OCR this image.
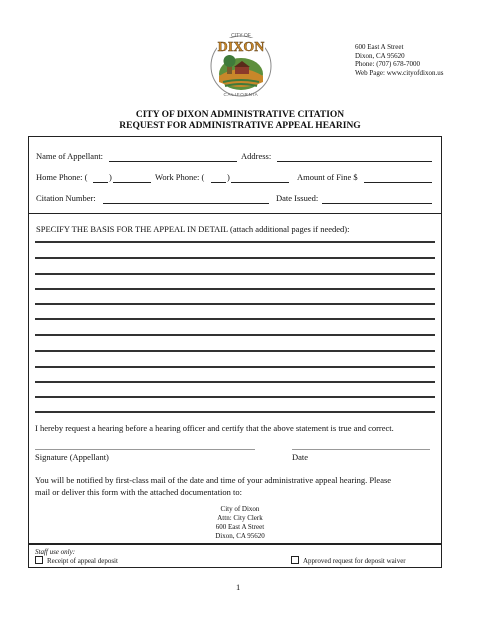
CITY OF
DIXON
CALIFORNIA
600 East A Street
Dixon, CA 95620
Phone: (707) 678-7000
Web Page: www.cityofdixon.us
CITY OF DIXON ADMINISTRATIVE CITATION
REQUEST FOR ADMINISTRATIVE APPEAL HEARING
Name of Appellant:	Address:
Home Phone: (	)	Work Phone: (	)	Amount of Fine $
Citation Number:	Date Issued:
SPECIFY THE BASIS FOR THE APPEAL IN DETAIL (attach additional pages if needed):
I hereby request a hearing before a hearing officer and certify that the above statement is true and correct.
Signature (Appellant)	Date
You will be notified by first-class mail of the date and time of your administrative appeal hearing. Please
mail or deliver this form with the attached documentation to:
City of Dixon
Attn: City Clerk
600 East A Street
Dixon, CA 95620
Staff use only:
Receipt of appeal deposit	Approved request for deposit waiver
1
